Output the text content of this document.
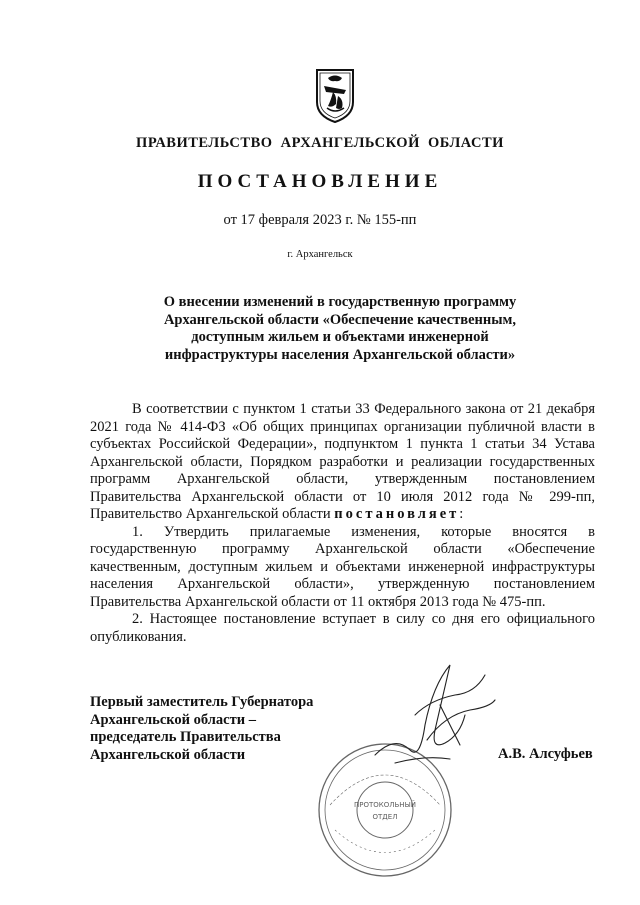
ПРАВИТЕЛЬСТВО АРХАНГЕЛЬСКОЙ ОБЛАСТИ
ПОСТАНОВЛЕНИЕ
от 17 февраля 2023 г. № 155-пп
г. Архангельск
О внесении изменений в государственную программу
Архангельской области «Обеспечение качественным,
доступным жильем и объектами инженерной
инфраструктуры населения Архангельской области»

В соответствии с пунктом 1 статьи 33 Федерального закона от 21 декабря 2021 года № 414-ФЗ «Об общих принципах организации публичной власти в субъектах Российской Федерации», подпунктом 1 пункта 1 статьи 34 Устава Архангельской области, Порядком разработки и реализации государственных программ Архангельской области, утвержденным постановлением Правительства Архангельской области от 10 июля 2012 года № 299-пп, Правительство Архангельской области постановляет:

1. Утвердить прилагаемые изменения, которые вносятся в государственную программу Архангельской области «Обеспечение качественным, доступным жильем и объектами инженерной инфраструктуры населения Архангельской области», утвержденную постановлением Правительства Архангельской области от 11 октября 2013 года № 475-пп.

2. Настоящее постановление вступает в силу со дня его официального опубликования.

Первый заместитель Губернатора
Архангельской области –
председатель Правительства
Архангельской области
ПРОТОКОЛЬНЫЙ
ОТДЕЛ
А.В. Алсуфьев
